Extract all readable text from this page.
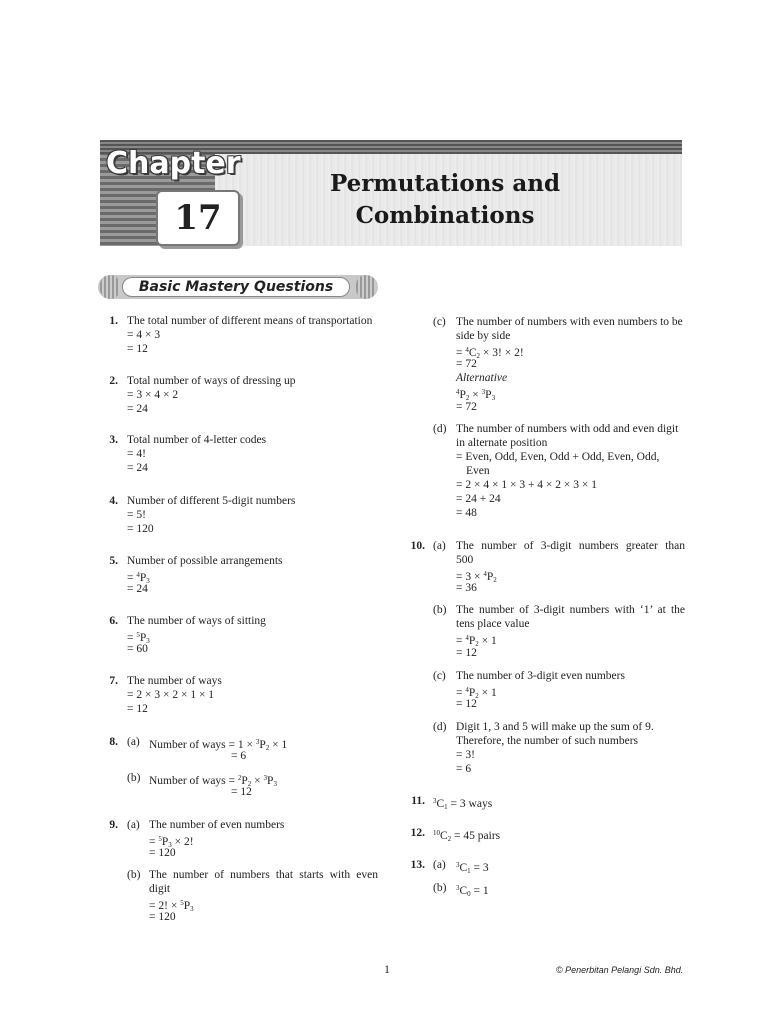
Chapter
17
Permutations and
Combinations
Basic Mastery Questions
1. The total number of different means of transportation
= 4 × 3
= 12
2. Total number of ways of dressing up
= 3 × 4 × 2
= 24
3. Total number of 4-letter codes
= 4!
= 24
4. Number of different 5-digit numbers
= 5!
= 120
5. Number of possible arrangements
= $^4P_3$
= 24
6. The number of ways of sitting
= $^5P_3$
= 60
7. The number of ways
= 2 × 3 × 2 × 1 × 1
= 12
8. (a) Number of ways = $1 \times ^3P_2 \times 1$
= 6
(b) Number of ways = $^2P_2 \times ^3P_3$
= 12
9. (a) The number of even numbers
= $^5P_3 \times 2$!
= 120
(b) The number of numbers that starts with even
digit
= 2! × $^5P_3$
= 120
(c) The number of numbers with even numbers to be
side by side
= $^4C_2 \times 3$! × 2!
= 72
Alternative
$^4P_2 \times ^3P_3$
= 72
(d) The number of numbers with odd and even digit
in alternate position
= Even, Odd, Even, Odd + Odd, Even, Odd,
Even
= 2 × 4 × 1 × 3 + 4 × 2 × 3 × 1
= 24 + 24
= 48
10. (a) The number of 3-digit numbers greater than
500
= $3 \times ^4P_2$
= 36
(b) The number of 3-digit numbers with ‘1’ at the
tens place value
= $^4P_2 \times 1$
= 12
(c) The number of 3-digit even numbers
= $^4P_2 \times 1$
= 12
(d) Digit 1, 3 and 5 will make up the sum of 9.
Therefore, the number of such numbers
= 3!
= 6
11. $^3C_1 = 3$ ways
12. $^{10}C_2 = 45$ pairs
13. (a) $^3C_1 = 3$
(b) $^3C_0 = 1$
1	© Penerbitan Pelangi Sdn. Bhd.
